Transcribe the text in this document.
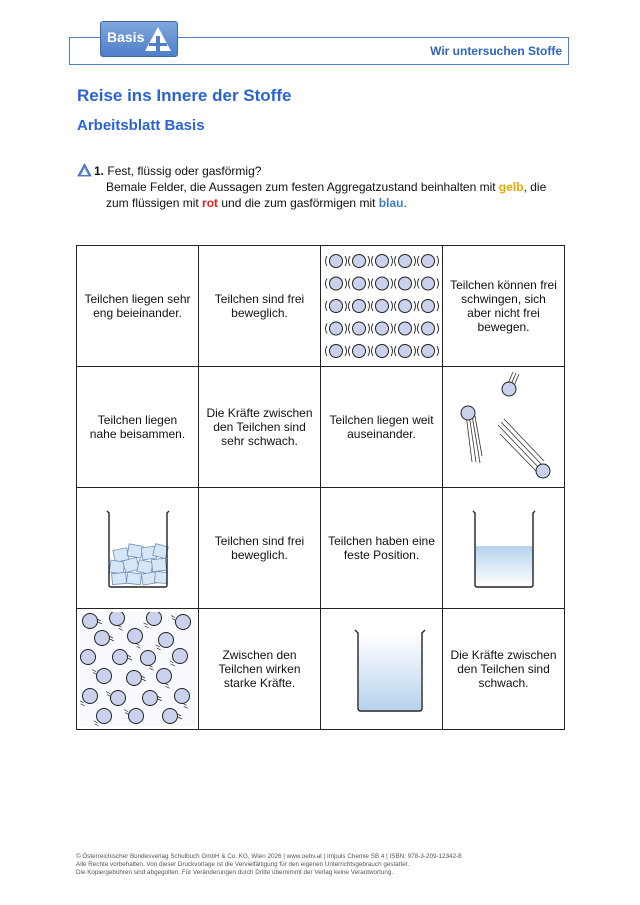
Wir untersuchen Stoffe
Basis
Reise ins Innere der Stoffe
Arbeitsblatt Basis
1. Fest, flüssig oder gasförmig?
Bemale Felder, die Aussagen zum festen Aggregatzustand beinhalten mit gelb, die
zum flüssigen mit rot und die zum gasförmigen mit blau.
Teilchen liegen sehr eng beieinander.	Teilchen sind frei beweglich.		Teilchen können frei schwingen, sich aber nicht frei bewegen.
Teilchen liegen nahe beisammen.	Die Kräfte zwischen den Teilchen sind sehr schwach.	Teilchen liegen weit auseinander.	

	Teilchen sind frei beweglich.	Teilchen haben eine feste Position.	

	Zwischen den Teilchen wirken starke Kräfte.		Die Kräfte zwischen den Teilchen sind schwach.
© Österreichischer Bundesverlag Schulbuch GmbH & Co. KG, Wien 2026 | www.oebv.at | Impuls Chemie SB 4 | ISBN: 978-3-209-12342-8
Alle Rechte vorbehalten. Von dieser Druckvorlage ist die Vervielfältigung für den eigenen Unterrichtsgebrauch gestattet.
Die Kopiergebühren sind abgegolten. Für Veränderungen durch Dritte übernimmt der Verlag keine Verantwortung.
